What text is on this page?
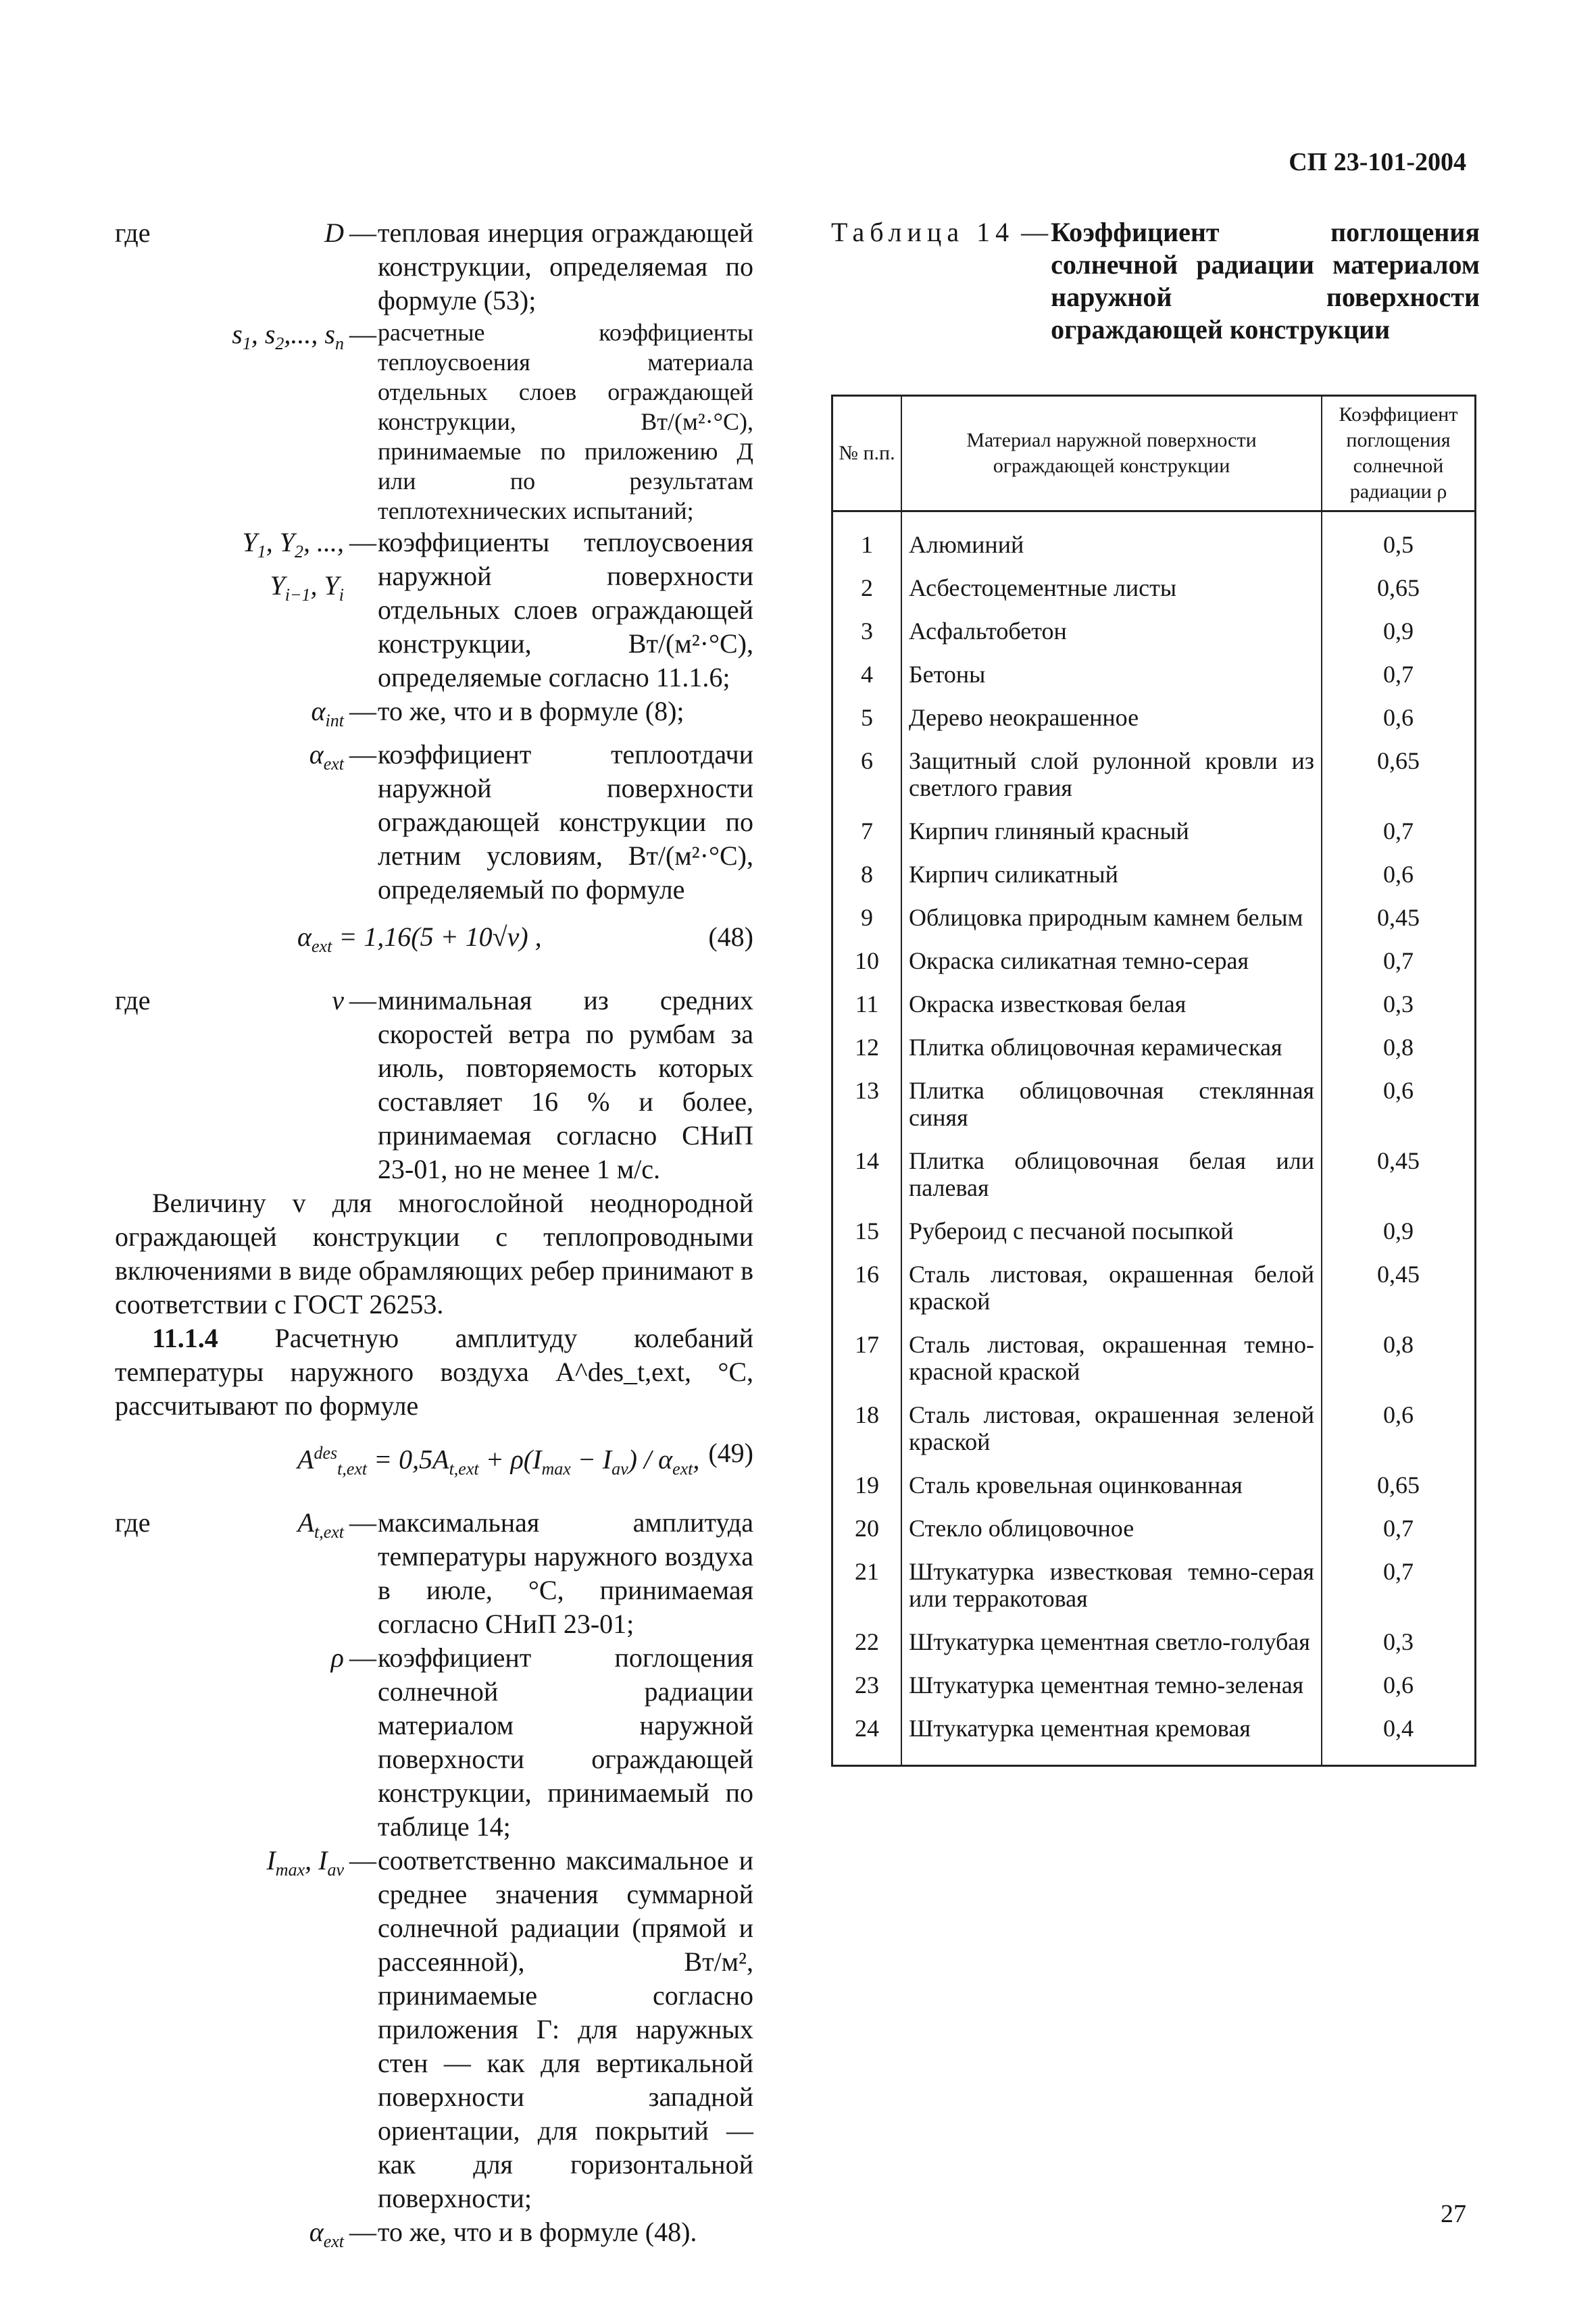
СП 23-101-2004
где	D — тепловая инерция ограждающей конструкции, определяемая по формуле (53);
$s_1$, $s_2$,..., $s_n$ — расчетные коэффициенты теплоусвоения материала отдельных слоев ограждающей конструкции, Вт/(м²·°С), принимаемые по приложению Д или по результатам теплотехнических испытаний;
$Y_1$, $Y_2$, ...,
$Y_{i-1}$, $Y_i$
— коэффициенты теплоусвоения наружной поверхности отдельных слоев ограждающей конструкции, Вт/(м²·°С), определяемые согласно 11.1.6;
$\alpha_{int}$ — то же, что и в формуле (8);
$\alpha_{ext}$ — коэффициент теплоотдачи наружной поверхности ограждающей конструкции по летним условиям, Вт/(м²·°С), определяемый по формуле
$\alpha_{ext} = 1,16(5 + 10√v)$ ,	(48)
где	v — минимальная из средних скоростей ветра по румбам за июль, повторяемость которых составляет 16 % и более, принимаемая согласно СНиП 23-01, но не менее 1 м/с.
Величину v для многослойной неоднородной ограждающей конструкции с теплопроводными включениями в виде обрамляющих ребер принимают в соответствии с ГОСТ 26253.
11.1.4 Расчетную амплитуду колебаний температуры наружного воздуха A^des_t,ext, °С, рассчитывают по формуле
$A^{des}_{t,ext} = 0,5A_{t,ext} + \rho(I_{max} - I_{av}) / \alpha_{ext}$, (49)
где	$A_{t,ext}$ — максимальная амплитуда температуры наружного воздуха в июле, °С, принимаемая согласно СНиП 23-01;
ρ — коэффициент поглощения солнечной радиации материалом наружной поверхности ограждающей конструкции, принимаемый по таблице 14;
$I_{max}$, $I_{av}$ — соответственно максимальное и среднее значения суммарной солнечной радиации (прямой и рассеянной), Вт/м², принимаемые согласно приложения Г: для наружных стен — как для вертикальной поверхности западной ориентации, для покрытий — как для горизонтальной поверхности;
$\alpha_{ext}$ — то же, что и в формуле (48).
Таблица 14 — Коэффициент поглощения солнечной радиации материалом наружной поверхности ограждающей конструкции
№ п.п.	Материал наружной поверхности ограждающей конструкции	Коэффициент поглощения солнечной радиации ρ
1	Алюминий	0,5
2	Асбестоцементные листы	0,65
3	Асфальтобетон	0,9
4	Бетоны	0,7
5	Дерево неокрашенное	0,6
6	Защитный слой рулонной кровли из светлого гравия	0,65
7	Кирпич глиняный красный	0,7
8	Кирпич силикатный	0,6
9	Облицовка природным камнем белым	0,45
10	Окраска силикатная темно-серая	0,7
11	Окраска известковая белая	0,3
12	Плитка облицовочная керамическая	0,8
13	Плитка облицовочная стеклянная синяя	0,6
14	Плитка облицовочная белая или палевая	0,45
15	Рубероид с песчаной посыпкой	0,9
16	Сталь листовая, окрашенная белой краской	0,45
17	Сталь листовая, окрашенная темно-красной краской	0,8
18	Сталь листовая, окрашенная зеленой краской	0,6
19	Сталь кровельная оцинкованная	0,65
20	Стекло облицовочное	0,7
21	Штукатурка известковая темно-серая или терракотовая	0,7
22	Штукатурка цементная светло-голубая	0,3
23	Штукатурка цементная темно-зеленая	0,6
24	Штукатурка цементная кремовая	0,4
27
